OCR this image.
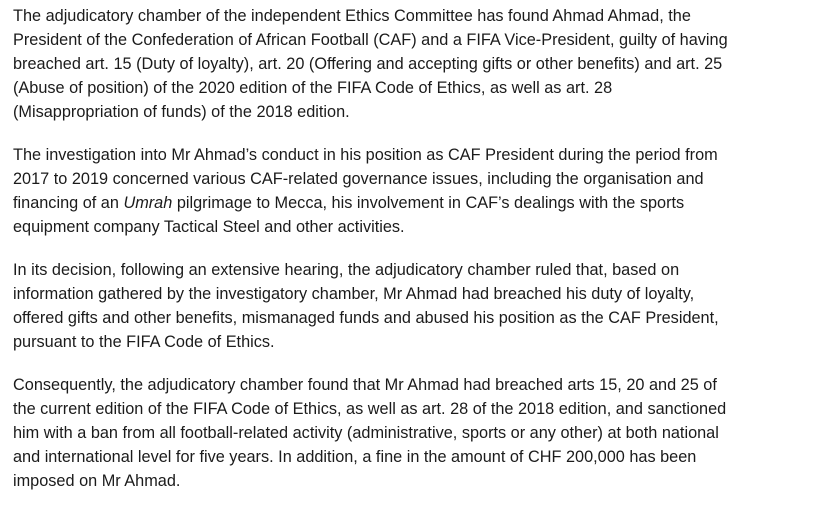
The adjudicatory chamber of the independent Ethics Committee has found Ahmad Ahmad, the
President of the Confederation of African Football (CAF) and a FIFA Vice-President, guilty of having
breached art. 15 (Duty of loyalty), art. 20 (Offering and accepting gifts or other benefits) and art. 25
(Abuse of position) of the 2020 edition of the FIFA Code of Ethics, as well as art. 28
(Misappropriation of funds) of the 2018 edition.

The investigation into Mr Ahmad’s conduct in his position as CAF President during the period from
2017 to 2019 concerned various CAF-related governance issues, including the organisation and
financing of an Umrah pilgrimage to Mecca, his involvement in CAF’s dealings with the sports
equipment company Tactical Steel and other activities.

In its decision, following an extensive hearing, the adjudicatory chamber ruled that, based on
information gathered by the investigatory chamber, Mr Ahmad had breached his duty of loyalty,
offered gifts and other benefits, mismanaged funds and abused his position as the CAF President,
pursuant to the FIFA Code of Ethics.

Consequently, the adjudicatory chamber found that Mr Ahmad had breached arts 15, 20 and 25 of
the current edition of the FIFA Code of Ethics, as well as art. 28 of the 2018 edition, and sanctioned
him with a ban from all football-related activity (administrative, sports or any other) at both national
and international level for five years. In addition, a fine in the amount of CHF 200,000 has been
imposed on Mr Ahmad.
